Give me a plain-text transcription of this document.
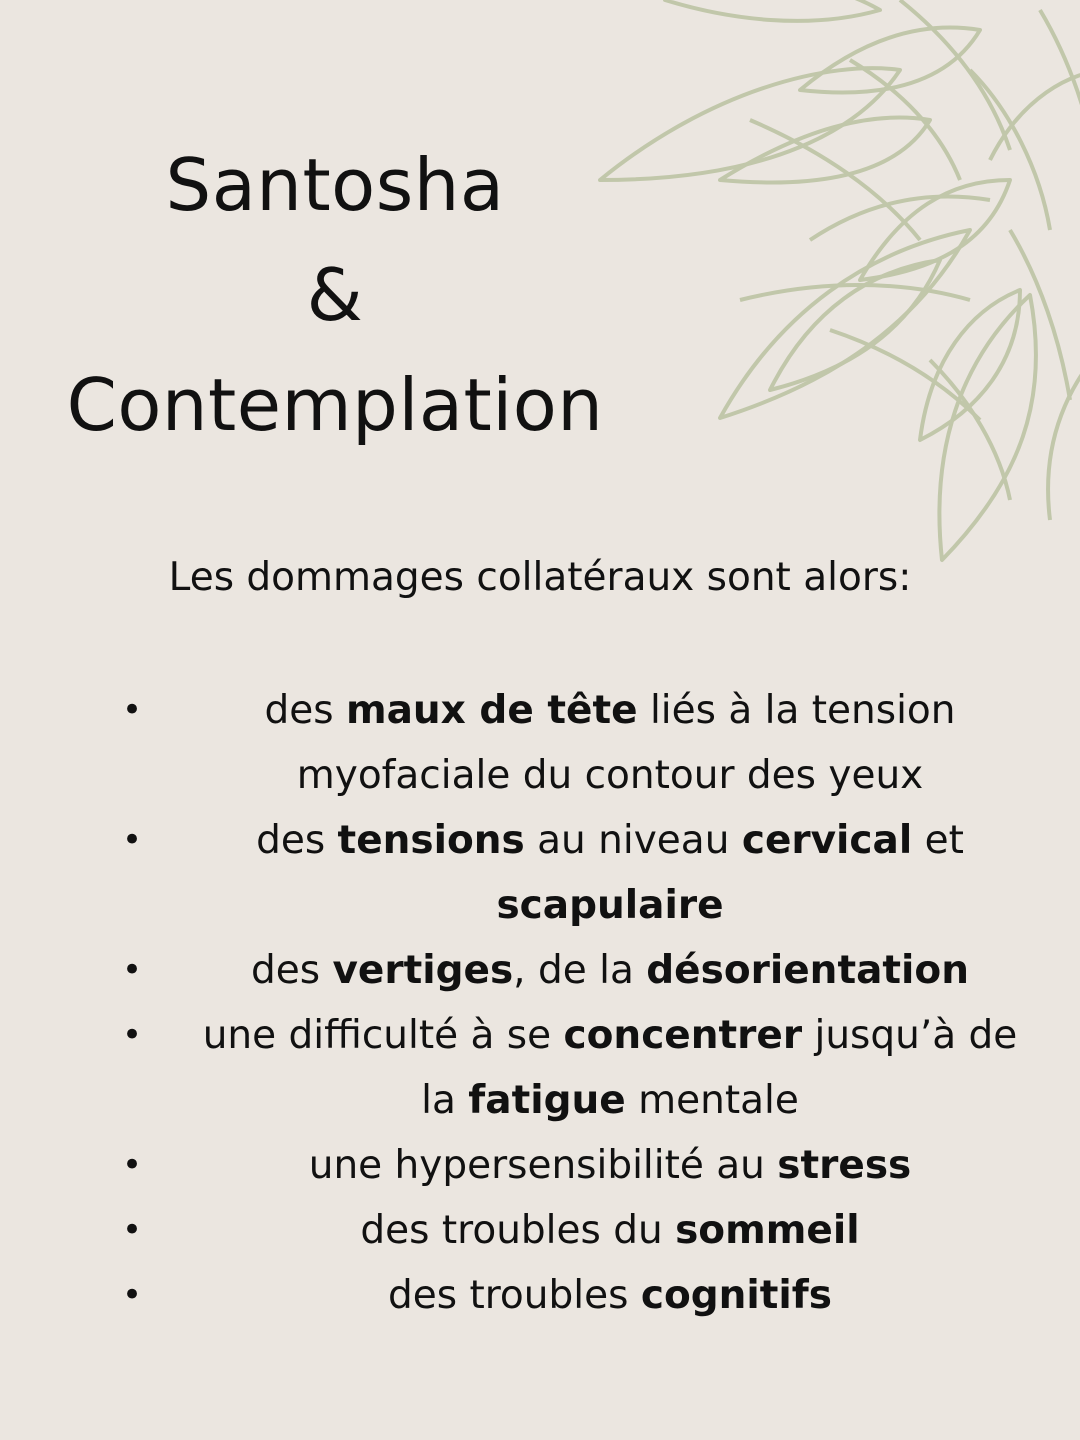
Santosha
&
Contemplation
Les dommages collatéraux sont alors:
•	des maux de tête liés à la tension myofaciale du contour des yeux
•	des tensions au niveau cervical et scapulaire
•	des vertiges, de la désorientation
• une difficulté à se concentrer jusqu’à de la fatigue mentale
•	une hypersensibilité au stress
•	des troubles du sommeil
•	des troubles cognitifs
